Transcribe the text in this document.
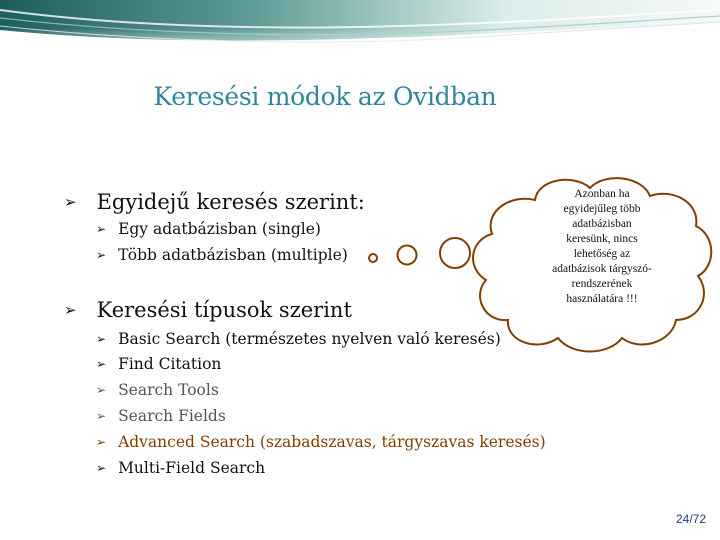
Keresési módok az Ovidban
➢ Egyidejű keresés szerint:
➢ Egy adatbázisban (single)
➢ Több adatbázisban (multiple)
➢ Keresési típusok szerint
➢ Basic Search (természetes nyelven való keresés)
➢ Find Citation
➢ Search Tools
➢ Search Fields
➢ Advanced Search (szabadszavas, tárgyszavas keresés)
➢ Multi-Field Search
Azonban ha
egyidejűleg több
adatbázisban
keresünk, nincs
lehetőség az
adatbázisok tárgyszó-
rendszerének
használatára !!!
24/72
